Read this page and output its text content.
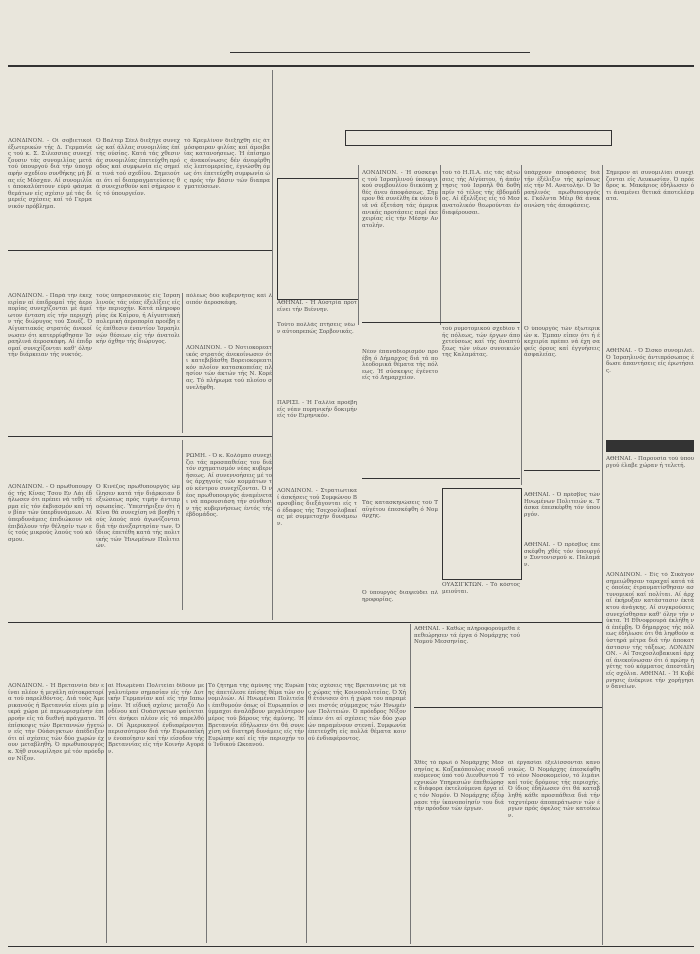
ΛΟΝΔΙΝΟΝ. - Οί σοβιετικοί έξωτερικών τής Δ. Γερμανίας τού κ. Σ. Σιλεσσιας συνεχίζουσιν τάς συνομιλίας μετά τού ύπουργού διά τήν ύπογραφήν σχεδίου συνθήκης μή βίας είς Μόσχαν. Αί συνομιλίαι άποκαλύπτουν εύρύ φάσμα θεμάτων είς σχέσιν μέ τάς διμερείς σχέσεις καί τό Γερμανικόν πρόβλημα.
Ό Βαλτερ Σέελ διεξήγε συνεχώς καί άλλας συνομιλίας έπί τής ούσίας. Κατά τάς χθεσινάς συνομιλίας έπετεύχθη πρόοδος καί συμφωνία είς σημεία τινά τού σχεδίου. Σημειούται ότι αί διαπραγματεύσεις θά συνεχισθούν καί σήμερον είς τό ύπουργείον.
τό Κρεμλίνον διεξήχθη είς άτμόσφαιραν φιλίας καί άμοιβαίας κατανοήσεως. Ή έπίσημος άνακοίνωσις δέν άνεφέρθη είς λεπτομερείας, έγνώσθη όμως ότι έπετεύχθη συμφωνία ώς πρός τήν βάσιν τών διαπραγματεύσεων.
ΛΟΝΔΙΝΟΝ. - Παρά τήν έκεχειρίαν αί έπιδρομαί τής άεροπορίας συνεχίζονται μέ άμείωτον ένταση είς τήν περιοχήν τής διώρυγος τού Σουέζ. Ό Αίγυπτιακός στρατός άνεκοίνωσεν ότι κατερρίφθησαν Ίσραηλινά άεροσκάφη. Αί έπιδρομαί συνεχίζονται καθ' όλην τήν διάρκειαν τής νυκτός.
τούς ύπηρεσιακούς είς Ίσραηλινούς τάς νέας έξελίξεις είς τήν περιοχήν. Κατά πληροφορίας έκ Καΐρου, ή Αίγυπτιακή πολεμική άεροπορία προέβη είς έπίθεσιν έναντίον Ίσραηλινών θέσεων είς τήν άνατολικήν όχθην τής διώρυγος.
ΛΟΝΔΙΝΟΝ. - Ό Νοτιοκορεατικός στρατός άνεκοίνωσεν ότι κατεβιβάσθη Βορειοκορεατικόν πλοίον κατασκοπείας πλησίον τών άκτών τής Ν. Κορέας. Τό πλήρωμα τού πλοίου συνελήφθη.
πόλεως δύο κυβερνήτας καί λοιπόν άεροσκάφη.
ΛΟΝΔΙΝΟΝ. - Ό πρωθυπουργός τής Κίνας Τσου Εν Λάι έδήλωσεν ότι πρέπει νά τεθή τέρμα είς τόν έκβιασμόν καί τήν βίαν τών ύπερδυνάμεων. Αί ύπερδυνάμεις έπιδιώκουν νά έπιβάλουν τήν θέλησίν των είς τούς μικρούς λαούς τού κόσμου.
Ό Κινέζος πρωθυπουργός ώμίλησεν κατά τήν διάρκειαν δεξιώσεως πρός τιμήν άντιπροσωπείας. Ύπεστήριξεν ότι ή Κίνα θά συνεχίση νά βοηθή τούς λαούς πού άγωνίζονται διά τήν άνεξαρτησίαν των. Ό ίδιος έπετέθη κατά τής πολιτικής τών Ήνωμένων Πολιτειών.
ΡΩΜΗ. - Ό κ. Κολόμπο συνεχίζει τάς προσπαθείας του διά τόν σχηματισμόν νέας κυβερνήσεως. Αί συνεννοήσεις μέ τούς άρχηγούς τών κομμάτων τού κέντρου συνεχίζονται. Ό νέος πρωθυπουργός άναμένεται νά παρουσιάση τήν σύνθεσιν τής κυβερνήσεως έντός τής έβδομάδος.
ΑΘΗΝΑΙ. - Ή Αύστρία προτείνει τήν Βιέννην.
ΛΟΝΔΙΝΟΝ. - Ή σύσκεψις τού Ίσραηλινού ύπουργικού συμβουλίου διεκόπη χθές άνευ άποφάσεως. Σήμερον θά συνέλθη έκ νέου διά νά έξετάση τάς άμερικανικάς προτάσεις περί έκεχειρίας είς τήν Μέσην Ανατολήν.
τού τό Η.Π.Α. είς τάς άξιώσεις τής Αίγύπτου, ή άπάντησις τού Ισραήλ θά δοθή πρίν τό τέλος τής έβδομάδος. Αί έξελίξεις είς τό Μεσανατολικόν θεωρούνται ένδιαφέρουσαι.
ύπάρχουν άποφάσεις διά τήν έξέλιξιν τής κρίσεως είς τήν Μ. Ανατολήν. Ό Ίσραηλινός πρωθυπουργός κ. Γκόλντα Μέιρ θά άνακοινώση τάς άποφάσεις.
Νέον έπαναδιορισμόν προέβη ό Δήμαρχος διά τά πολεοδομικά θέματα τής πόλεως. Ή σύσκεψις έγένετο είς τό Δημαρχείον.
τού ρυμοτομικού σχεδίου τής πόλεως, τών έργων άποχετεύσεως καί τής άναπτύξεως τών νέων συνοικιών της Καλαμάτας.
Ό ύπουργός τών έξωτερικών κ. Έμπαν είπεν ότι ή έκεχειρία πρέπει νά έχη σαφείς όρους καί έγγυήσεις άσφαλείας.
Τούτο πολλάς πτήσεις νέων αύτοπρεπώς Σορβονικάς.
ΠΑΡΙΣΙ. - Ή Γαλλία προέβη είς νέαν πυρηνικήν δοκιμήν είς τόν Ειρηνικόν.
ΛΟΝΔΙΝΟΝ. - Στρατιωτικαί άσκήσεις τού Συμφώνου Βαρσοβίας διεξάγονται είς τό έδαφος τής Τσεχοσλοβακίας μέ συμμετοχήν δυνάμεων.
Τάς κατασκηνώσεις τού Ταϋγέτου έπεσκέφθη ό Νομάρχης.
Ό ύπουργός διαψεύδει πληροφορίας.
ΟΥΑΣΙΓΚΤΩΝ. - Τό κόστος μειούται.
ΑΘΗΝΑΙ. - Ό πρέσβυς τών Ηνωμένων Πολιτειών κ. Τάσκα έπεσκέφθη τόν ύπουργόν.
Σήμερον αί συνομιλίαι συνεχίζονται είς Λευκωσίαν. Ό πρόεδρος κ. Μακάριος έδήλωσεν ότι άναμένει θετικά άποτελέσματα.
ΑΘΗΝΑΙ. - Ό Σίσκο συνομιλεί. Ό Ίσραηλινός άντιπρόσωπος έδωσε άπαντήσεις είς έρωτήσεις.
ΑΘΗΝΑΙ. - Παρουσία τού ύπουργού έλαβε χώραν ή τελετή.
ΛΟΝΔΙΝΟΝ. - Είς τό Σικάγον σημειώθησαν ταραχαί κατά τάς όποίας έτραυματίσθησαν αστυνομικοί καί πολίται. Αί άρχαί έκήρυξαν κατάστασιν έκτάκτου άνάγκης. Αί συγκρούσεις συνεχίσθησαν καθ' όλην τήν νύκτα. Ή Εθνοφρουρά έκλήθη νά έπέμβη. Ό δήμαρχος τής πόλεως έδήλωσε ότι θά ληφθούν αύστηρά μέτρα διά τήν άποκατάστασιν τής τάξεως. ΛΟΝΔΙΝΟΝ. - Αί Τσεχοσλοβακικαί άρχαί άνεκοίνωσαν ότι ό πρώην ήγέτης τού κόμματος άπεστάλη είς σχόλια. ΑΘΗΝΑΙ. - Ή Κυβέρνησις ένέκρινε τήν χορήγησιν δανείων.
ΑΘΗΝΑΙ. - Ό πρέσβυς έπεσκέφθη χθές τόν ύπουργόν Συντονισμού κ. Παλαμάν.
ΛΟΝΔΙΝΟΝ. - Ή Βρεταννία δέν είναι πλέον ή μεγάλη αύτοκρατορία τού παρελθόντος. Διά τούς Άμερικανούς ή Βρεταννία είναι μία μικρά χώρα μέ περιωρισμένην έπιρροήν είς τά διεθνή πράγματα. Ή έπίσκεψις τών Βρεταννών ήγετών είς τήν Ούάσιγκτων άπέδειξεν ότι αί σχέσεις τών δύο χωρών έχουν μεταβληθή. Ό πρωθυπουργός κ. Χήθ συνωμίλησε μέ τόν πρόεδρον Νίξον.
αί Ηνωμέναι Πολιτείαι δίδουν μεγαλυτέραν σημασίαν είς τήν Δυτικήν Γερμανίαν καί είς τήν Ιαπωνίαν. Ή είδική σχέσις μεταξύ Λονδίνου καί Ουάσιγκτων φαίνεται ότι άνήκει πλέον είς τό παρελθόν. Οί Άμερικανοί ένδιαφέρονται περισσότερον διά τήν Ευρωπαϊκήν ένοποίησιν καί τήν είσοδον τής Βρεταννίας είς τήν Κοινήν Αγοράν.
Τό ζήτημα τής άμύνης τής Ευρώπης άπετέλεσε έπίσης θέμα τών συνομιλιών. Αί Ηνωμέναι Πολιτείαι έπιθυμούν όπως οί Ευρωπαίοι σύμμαχοι άναλάβουν μεγαλύτερον μέρος τού βάρους τής άμύνης. Ή Βρεταννία έδήλωσεν ότι θά συνεχίση νά διατηρή δυνάμεις είς τήν Ευρώπην καί είς τήν περιοχήν τού Ίνδικού Ωκεανού.
τάς σχέσεις τής Βρεταννίας μέ τάς χώρας τής Κοινοπολιτείας. Ό Χήθ έτόνισεν ότι ή χώρα του παραμένει πιστός σύμμαχος τών Ηνωμένων Πολιτειών. Ό πρόεδρος Νίξον είπεν ότι αί σχέσεις τών δύο χωρών παραμένουν στεναί. Συμφωνία έπετεύχθη είς πολλά θέματα κοινού ένδιαφέροντος.
ΑΘΗΝΑΙ. - Καθώς πληροφορούμεθα έπεθεώρησεν τά έργα ό Νομάρχης τού Νομού Μεσσηνίας.
Χθές τό πρωί ό Νομάρχης Μεσσηνίας κ. Καζακόπουλος συνοδευόμενος ύπό τού Διευθυντού Τεχνικών Υπηρεσιών έπεθεώρησε διάφορα έκτελούμενα έργα είς τόν Νομόν. Ό Νομάρχης έξέφρασε τήν ίκανοποίησίν του διά τήν πρόοδον τών έργων.
αί έργασίαι έξελίσσονται κανονικώς. Ό Νομάρχης έπεσκέφθη τό νέον Νοσοκομείον, τό λιμάνι καί τούς δρόμους τής περιοχής. Ό ίδιος έδήλωσεν ότι θά καταβληθή κάθε προσπάθεια διά τήν ταχυτέραν άποπεράτωσιν τών έργων πρός όφελος τών κατοίκων.
